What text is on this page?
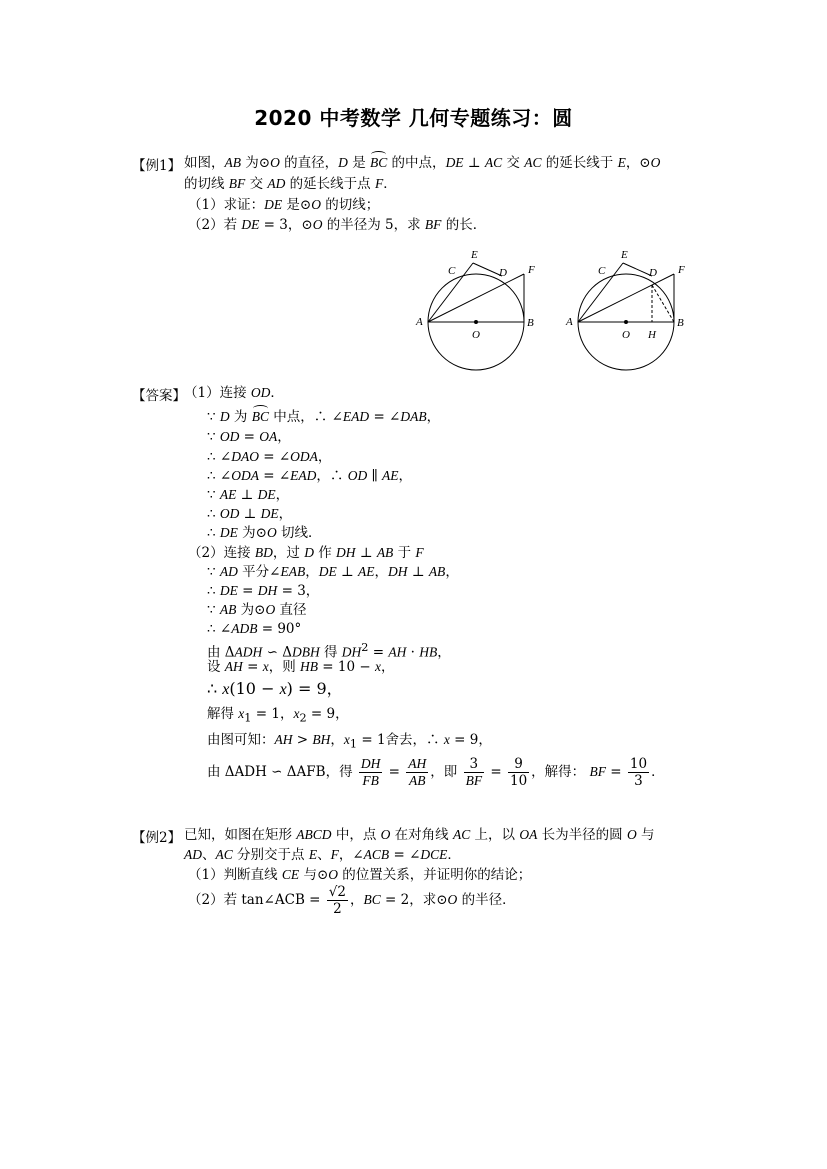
2020 中考数学 几何专题练习：圆
【例1】 如图，AB 为⊙O 的直径，D 是 BC 的中点，DE ⊥ AC 交 AC 的延长线于 E，⊙O
的切线 BF 交 AD 的延长线于点 F．
（1）求证：DE 是⊙O 的切线；
（2）若 DE = 3，⊙O 的半径为 5，求 BF 的长．
E
C	D F
A
O
B
E
C	D F
A
O H
B
【答案】
（1）连接 OD．
∵ D 为 BC 中点，∴ ∠EAD = ∠DAB，
∵ OD = OA，
∴ ∠DAO = ∠ODA，
∴ ∠ODA = ∠EAD，∴ OD ∥ AE，
∵ AE ⊥ DE，
∴ OD ⊥ DE，
∴ DE 为⊙O 切线．
（2）连接 BD，过 D 作 DH ⊥ AB 于 F
∵ AD 平分∠EAB，DE ⊥ AE，DH ⊥ AB，
∴ DE = DH = 3，
∵ AB 为⊙O 直径
∴ ∠ADB = 90°
由 ΔADH ∽ ΔDBH 得 $DH^2$ = AH · HB，
设 AH = x，则 HB = 10 − x，
∴ x(10 − x) = 9，
解得 $x_1 = 1$，$x_2 = 9$，
由图可知：AH > BH，$x_1 = 1$舍去，∴ x = 9，
由 ΔADH ∽ ΔAFB，得 $\frac{DH}{FB} = \frac{AH}{AB}$ ，即 $\frac{3}{BF} = \frac{9}{10}$ ，解得： BF = $\frac{10}{3}$ ．
【例2】 已知，如图在矩形 ABCD 中，点 O 在对角线 AC 上，以 OA 长为半径的圆 O 与
AD、AC 分别交于点 E、F，∠ACB = ∠DCE．
（1）判断直线 CE 与⊙O 的位置关系，并证明你的结论；
（2）若 tan∠ACB = $\frac{√2}{2}$ ，BC = 2，求⊙O 的半径．
